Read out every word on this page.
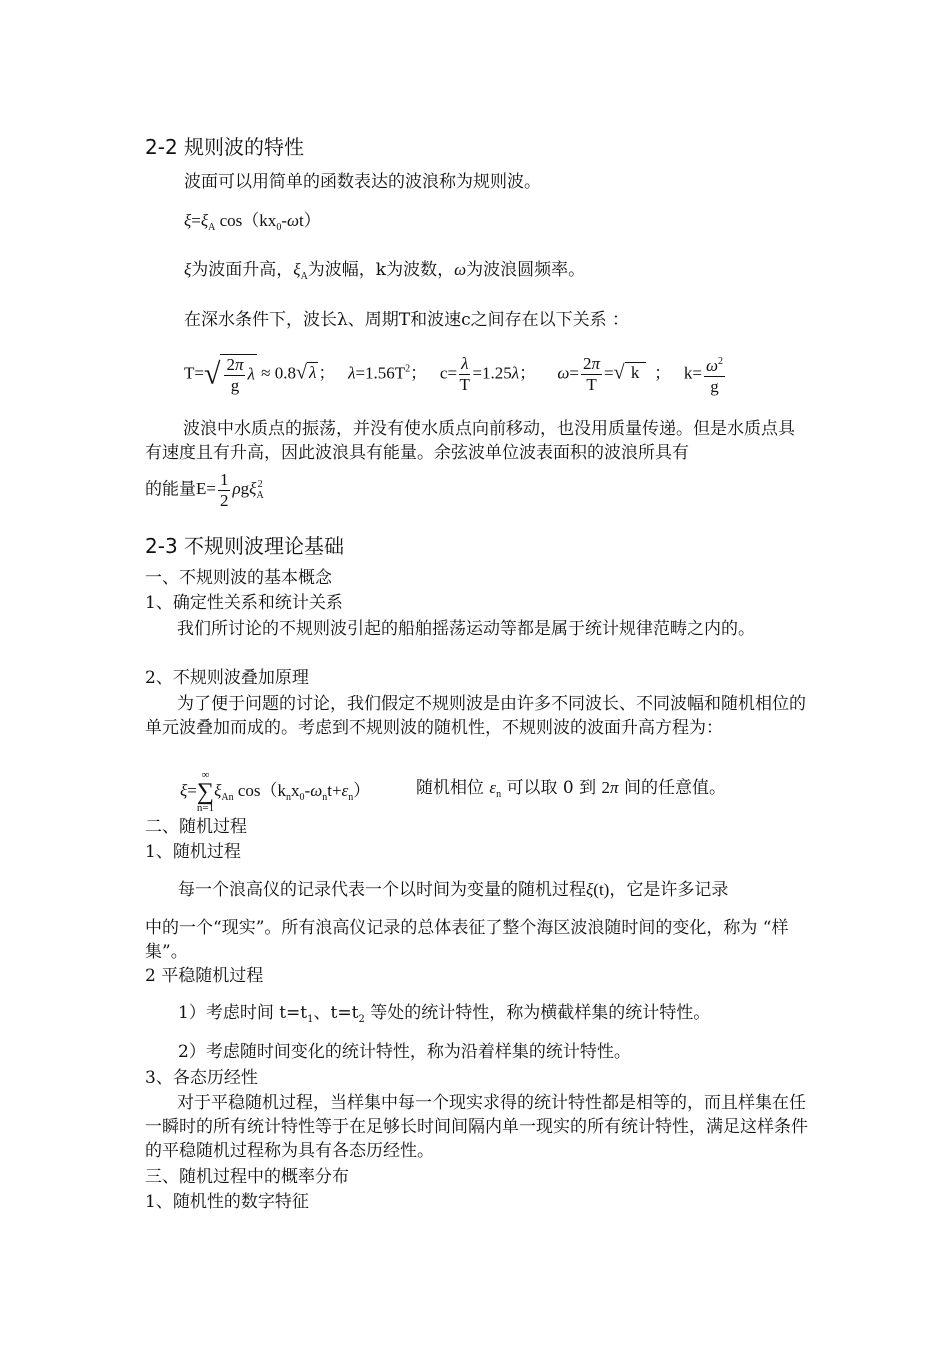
2-2 规则波的特性
波面可以用简单的函数表达的波浪称为规则波。
$\xi=\xi_A$ $\cos(kx_0-\omega t)$
ξ为波面升高，$\xi_A$为波幅，k为波数，ω为波浪圆频率。
在深水条件下，波长λ、周期T和波速c之间存在以下关系 ：
$T=√ \frac{2\pi}{g}$ λ ≈ 0.8√ λ ；   $\lambda=1.56T^2$；   $c= \frac{\lambda}{T} =1.25\lambda$；     $\omega= \frac{2\pi}{T}$ =√ k   ；   $k= \frac{\omega^2}{g}$
波浪中水质点的振荡，并没有使水质点向前移动，也没用质量传递。但是水质点具有速度且有升高，因此波浪具有能量。余弦波单位波表面积的波浪所具有
的能量$E= \frac{1}{2} \rho g\xi_A^2$
2-3 不规则波理论基础
一、不规则波的基本概念
1、确定性关系和统计关系
我们所讨论的不规则波引起的船舶摇荡运动等都是属于统计规律范畴之内的。
2、不规则波叠加原理
为了便于问题的讨论，我们假定不规则波是由许多不同波长、不同波幅和随机相位的单元波叠加而成的。考虑到不规则波的随机性，不规则波的波面升高方程为：
ξ=∞
∑
$n=1\xi_{An}$ $\cos(k_nx_0-\omega_nt+\varepsilon_n)$	随机相位 $\varepsilon_n$ 可以取 0 到 2π 间的任意值。
二、随机过程
1、随机过程
每一个浪高仪的记录代表一个以时间为变量的随机过程ξ(t)，它是许多记录
中的一个“现实”。所有浪高仪记录的总体表征了整个海区波浪随时间的变化，称为 “样集”。
2 平稳随机过程
1）考虑时间 $t=t_1$、$t=t_2$ 等处的统计特性，称为横截样集的统计特性。
2）考虑随时间变化的统计特性，称为沿着样集的统计特性。
3、各态历经性
对于平稳随机过程，当样集中每一个现实求得的统计特性都是相等的，而且样集在任一瞬时的所有统计特性等于在足够长时间间隔内单一现实的所有统计特性，满足这样条件的平稳随机过程称为具有各态历经性。
三、随机过程中的概率分布
1、随机性的数字特征
